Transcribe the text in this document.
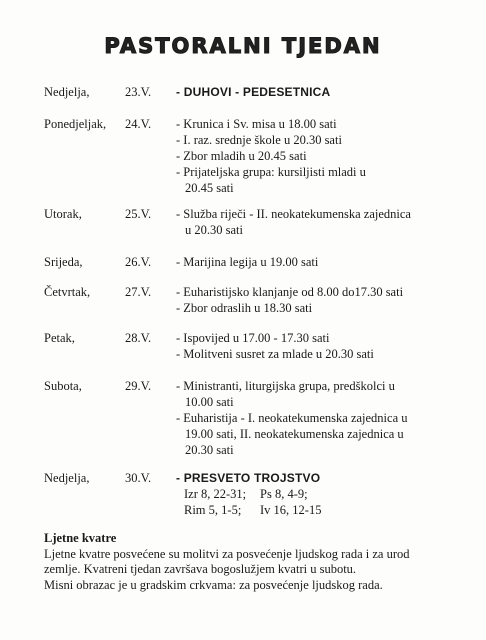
PASTORALNI TJEDAN
Nedjelja,	23.V. - DUHOVI - PEDESETNICA
Ponedjeljak, 24.V. - Krunica i Sv. misa u 18.00 sati
- I. raz. srednje škole u 20.30 sati
- Zbor mladih u 20.45 sati
- Prijateljska grupa: kursiljisti mladi u
20.45 sati
Utorak,	25.V. - Služba riječi - II. neokatekumenska zajednica
u 20.30 sati
Srijeda,	26.V. - Marijina legija u 19.00 sati
Četvrtak,	27.V. - Euharistijsko klanjanje od 8.00 do17.30 sati
- Zbor odraslih u 18.30 sati
Petak,	28.V. - Ispovijed u 17.00 - 17.30 sati
- Molitveni susret za mlade u 20.30 sati
Subota,	29.V. - Ministranti, liturgijska grupa, predškolci u
10.00 sati
- Euharistija - I. neokatekumenska zajednica u
19.00 sati, II. neokatekumenska zajednica u
20.30 sati
Nedjelja,	30.V. - PRESVETO TROJSTVO
Izr 8, 22-31; Ps 8, 4-9;
Rim 5, 1-5; Iv 16, 12-15
Ljetne kvatre

Ljetne kvatre posvećene su molitvi za posvećenje ljudskog rada i za urod

zemlje. Kvatreni tjedan završava bogoslužjem kvatri u subotu.

Misni obrazac je u gradskim crkvama: za posvećenje ljudskog rada.
